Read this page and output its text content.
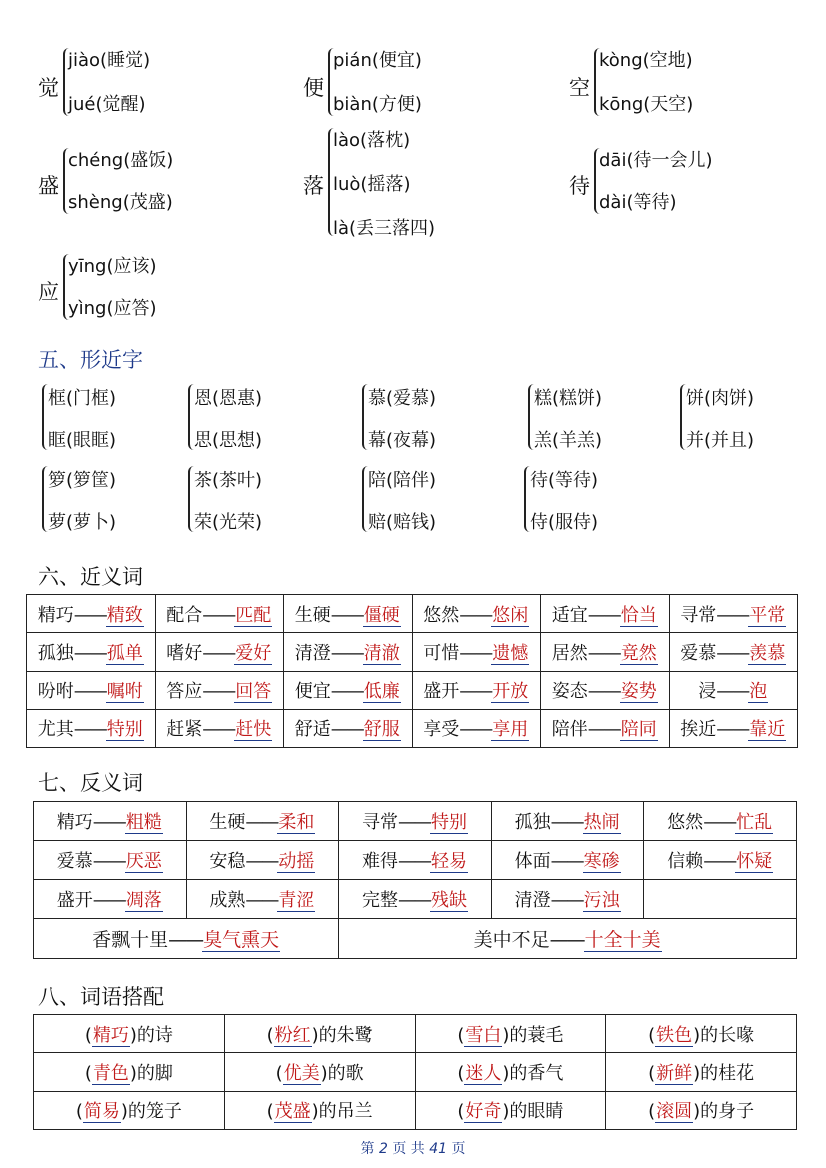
觉
jiào(睡觉)
jué(觉醒)
便
pián(便宜)
biàn(方便)
空
kòng(空地)
kōng(天空)
盛
chéng(盛饭)
shèng(茂盛)
落
lào(落枕)
luò(摇落)
là(丢三落四)
待
dāi(待一会儿)
dài(等待)
应
yīng(应该)
yìng(应答)
五、形近字
框(门框)
眶(眼眶)
恩(恩惠)
思(思想)
慕(爱慕)
幕(夜幕)
糕(糕饼)
羔(羊羔)
饼(肉饼)
并(并且)
箩(箩筐)
萝(萝卜)
茶(茶叶)
荣(光荣)
陪(陪伴)
赔(赔钱)
待(等待)
侍(服侍)
六、近义词
精巧——精致	配合——匹配	生硬——僵硬	悠然——悠闲	适宜——恰当	寻常——平常
孤独——孤单	嗜好——爱好	清澄——清澈	可惜——遗憾	居然——竟然	爱慕——羡慕
吩咐——嘱咐	答应——回答	便宜——低廉	盛开——开放	姿态——姿势	浸——泡
尤其——特别	赶紧——赶快	舒适——舒服	享受——享用	陪伴——陪同	挨近——靠近
七、反义词
精巧——粗糙	生硬——柔和	寻常——特别	孤独——热闹	悠然——忙乱
爱慕——厌恶	安稳——动摇	难得——轻易	体面——寒碜	信赖——怀疑
盛开——凋落	成熟——青涩	完整——残缺	清澄——污浊	
香飘十里——臭气熏天		美中不足——十全十美		
八、词语搭配
(精巧)的诗	(粉红)的朱鹭	(雪白)的蓑毛	(铁色)的长喙
(青色)的脚	(优美)的歌	(迷人)的香气	(新鲜)的桂花
(简易)的笼子	(茂盛)的吊兰	(好奇)的眼睛	(滚圆)的身子
第 2 页 共 41 页
